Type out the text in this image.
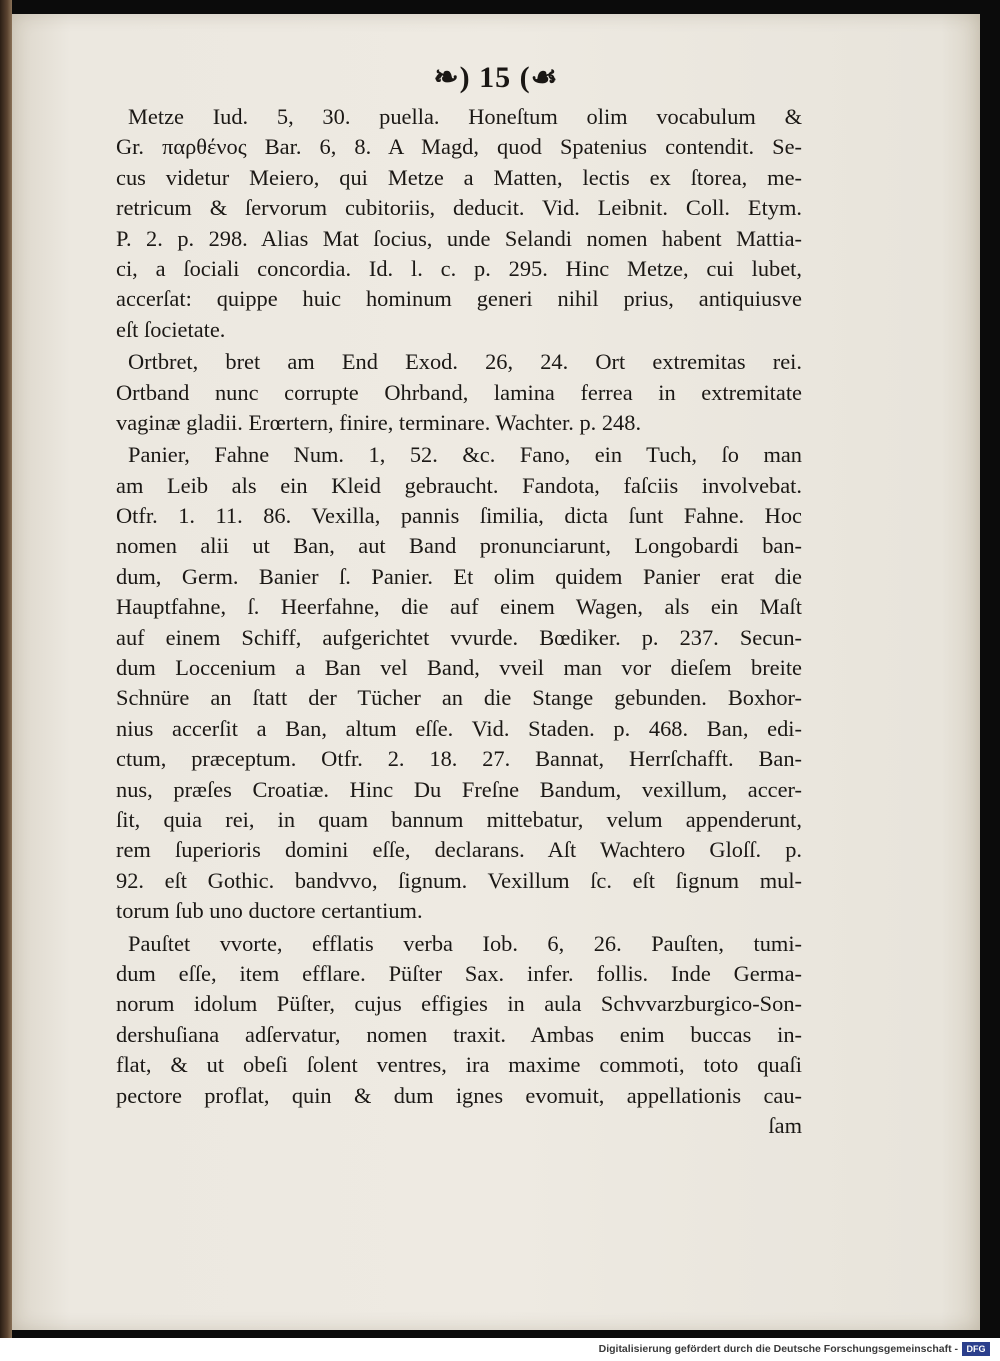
❧) 15 (☙
Metze Iud. 5, 30. puella. Honeſtum olim vocabulum &
Gr. παρθένος Bar. 6, 8. A Magd, quod Spatenius contendit. Se-
cus videtur Meiero, qui Metze a Matten, lectis ex ſtorea, me-
retricum & ſervorum cubitoriis, deducit. Vid. Leibnit. Coll. Etym.
P. 2. p. 298. Alias Mat ſocius, unde Selandi nomen habent Mattia-
ci, a ſociali concordia. Id. l. c. p. 295. Hinc Metze, cui lubet,
accerſat: quippe huic hominum generi nihil prius, antiquiusve
eſt ſocietate.
Ortbret, bret am End Exod. 26, 24. Ort extremitas rei.
Ortband nunc corrupte Ohrband, lamina ferrea in extremitate
vaginæ gladii. Erœrtern, finire, terminare. Wachter. p. 248.
Panier, Fahne Num. 1, 52. &c. Fano, ein Tuch, ſo man
am Leib als ein Kleid gebraucht. Fandota, faſciis involvebat.
Otfr. 1. 11. 86. Vexilla, pannis ſimilia, dicta ſunt Fahne. Hoc
nomen alii ut Ban, aut Band pronunciarunt, Longobardi ban-
dum, Germ. Banier ſ. Panier. Et olim quidem Panier erat die
Hauptfahne, ſ. Heerfahne, die auf einem Wagen, als ein Maſt
auf einem Schiff, aufgerichtet vvurde. Bœdiker. p. 237. Secun-
dum Loccenium a Ban vel Band, vveil man vor dieſem breite
Schnüre an ſtatt der Tücher an die Stange gebunden. Boxhor-
nius accerſit a Ban, altum eſſe. Vid. Staden. p. 468. Ban, edi-
ctum, præceptum. Otfr. 2. 18. 27. Bannat, Herrſchafft. Ban-
nus, præſes Croatiæ. Hinc Du Freſne Bandum, vexillum, accer-
ſit, quia rei, in quam bannum mittebatur, velum appenderunt,
rem ſuperioris domini eſſe, declarans. Aſt Wachtero Gloſſ. p.
92. eſt Gothic. bandvvo, ſignum. Vexillum ſc. eſt ſignum mul-
torum ſub uno ductore certantium.
Pauſtet vvorte, efflatis verba Iob. 6, 26. Pauſten, tumi-
dum eſſe, item efflare. Püſter Sax. infer. follis. Inde Germa-
norum idolum Püſter, cujus effigies in aula Schvvarzburgico-Son-
dershuſiana adſervatur, nomen traxit. Ambas enim buccas in-
flat, & ut obeſi ſolent ventres, ira maxime commoti, toto quaſi
pectore proflat, quin & dum ignes evomuit, appellationis cau-
ſam
Digitalisierung gefördert durch die Deutsche Forschungsgemeinschaft - DFG
